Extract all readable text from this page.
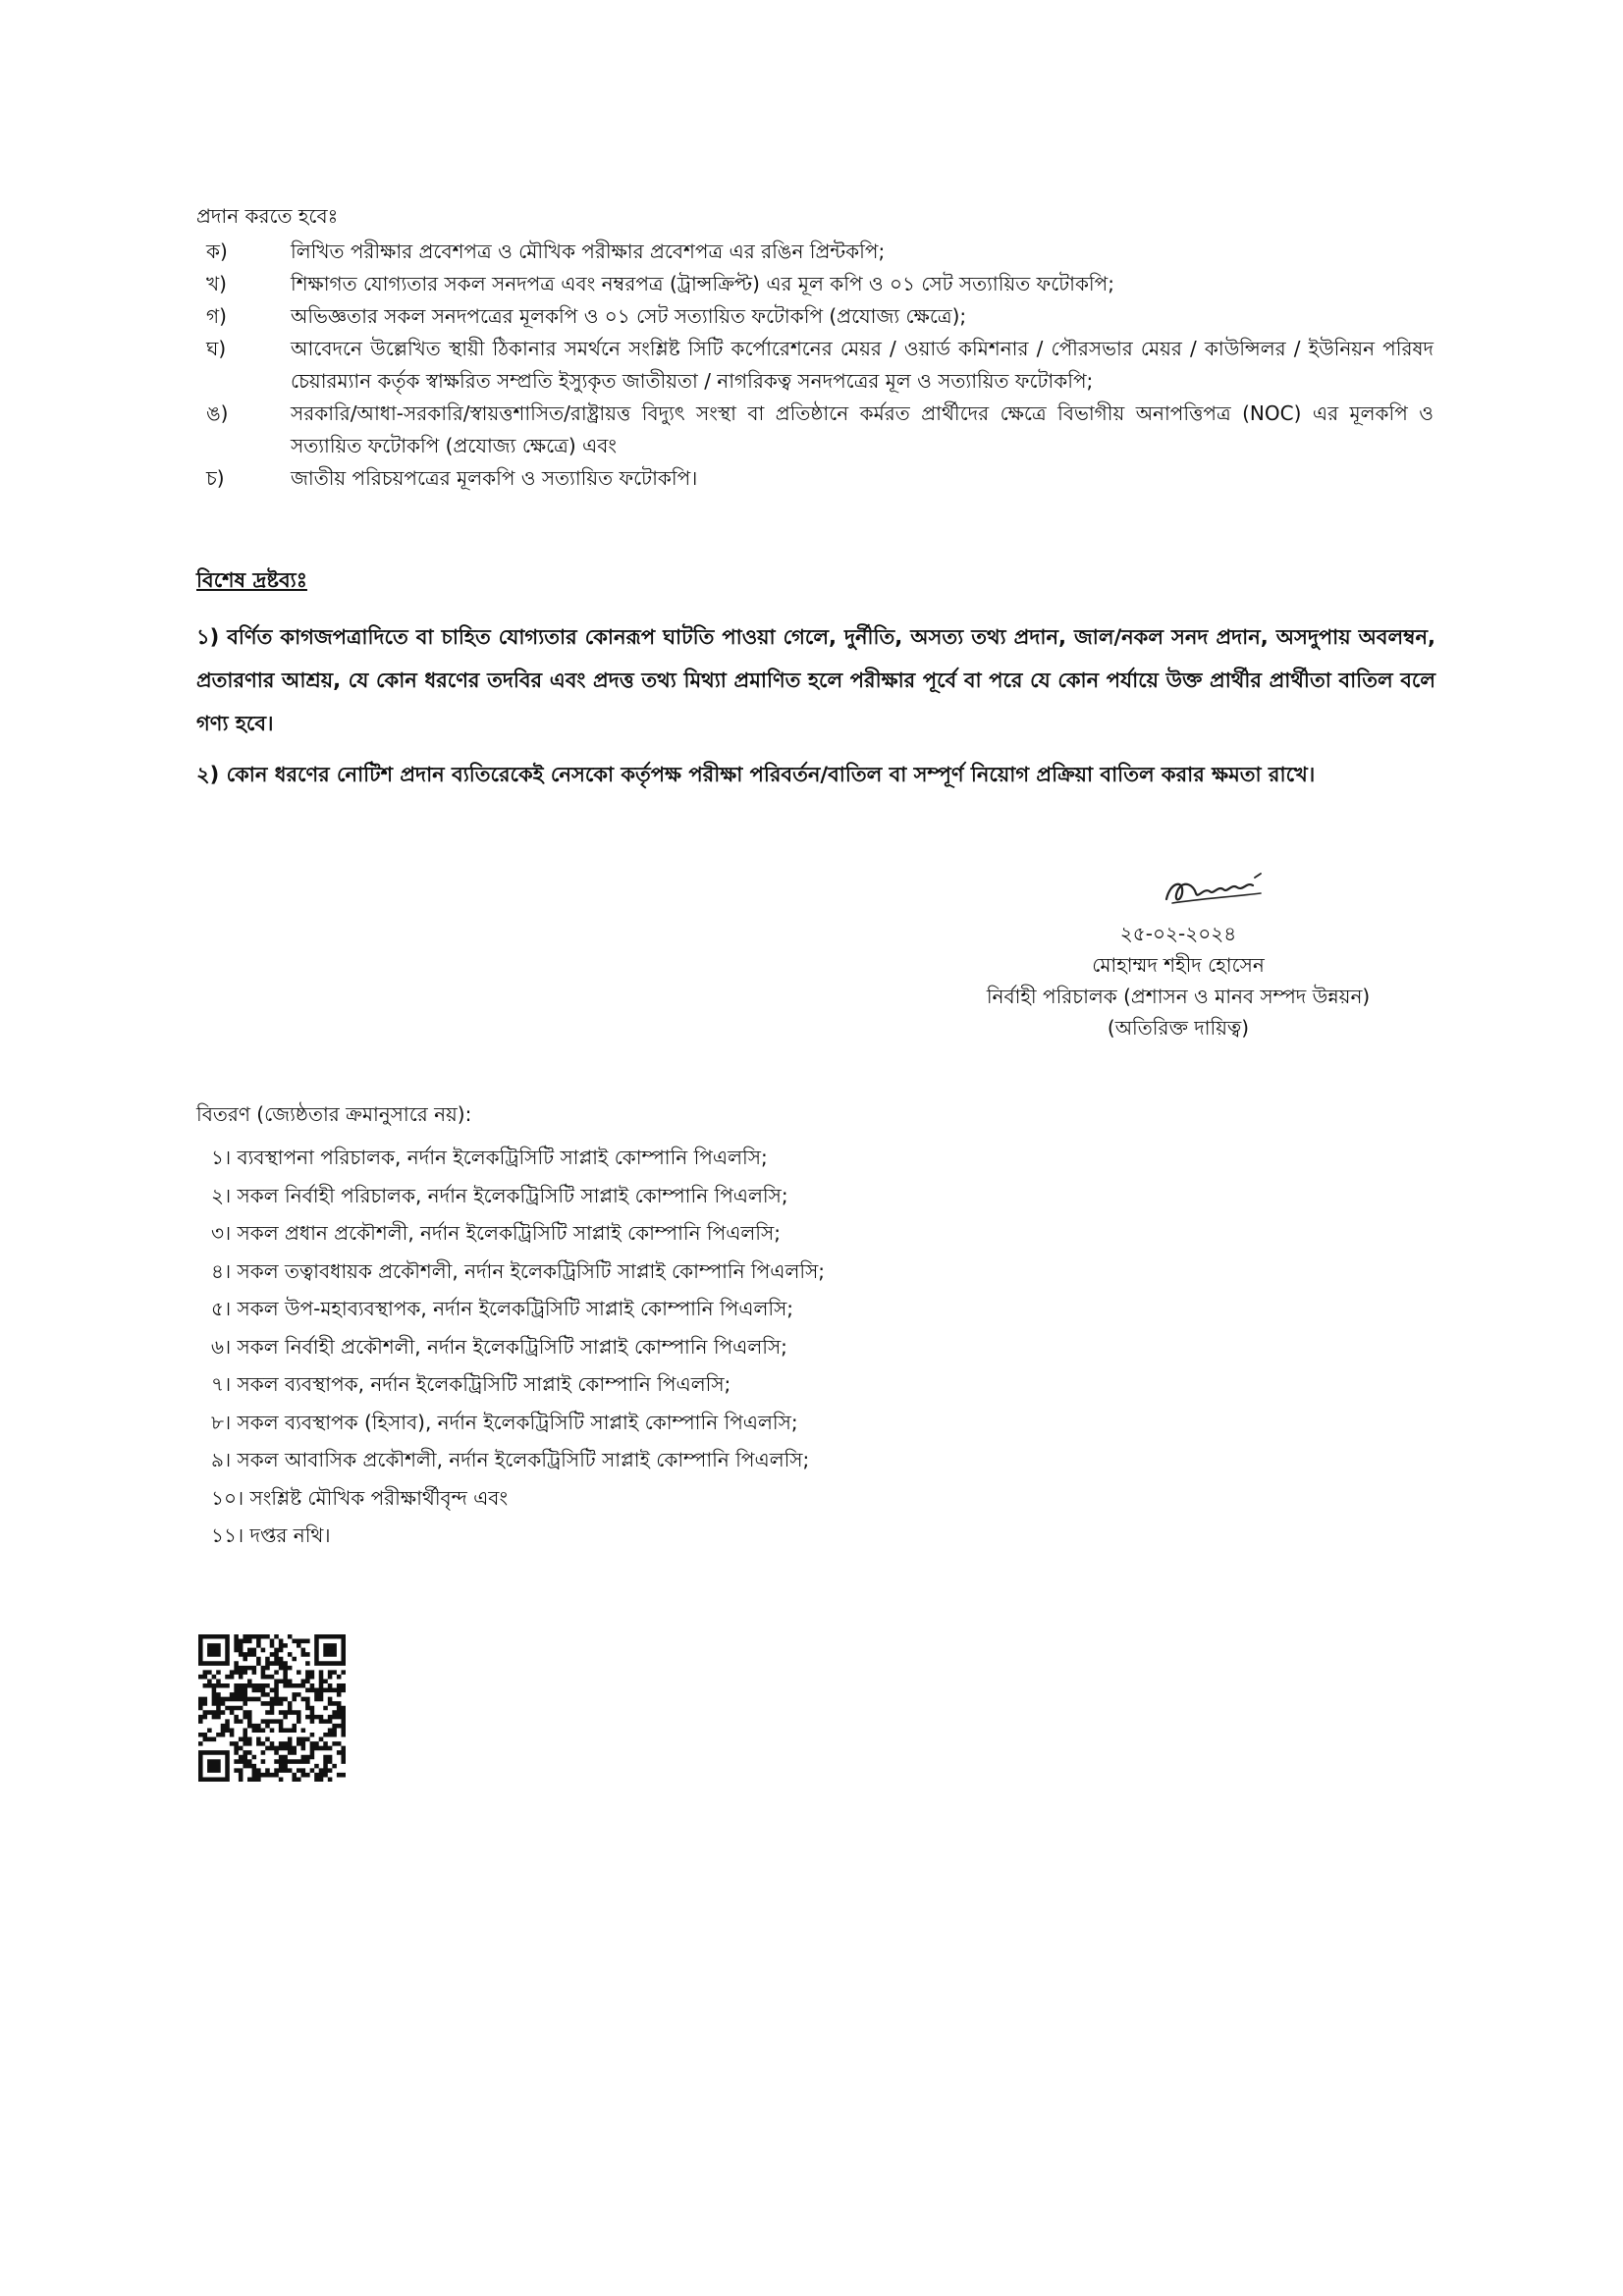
প্রদান করতে হবেঃ
ক)	লিখিত পরীক্ষার প্রবেশপত্র ও মৌখিক পরীক্ষার প্রবেশপত্র এর রঙিন প্রিন্টকপি;
খ)	শিক্ষাগত যোগ্যতার সকল সনদপত্র এবং নম্বরপত্র (ট্রান্সক্রিপ্ট) এর মূল কপি ও ০১ সেট সত্যায়িত ফটোকপি;
গ)	অভিজ্ঞতার সকল সনদপত্রের মূলকপি ও ০১ সেট সত্যায়িত ফটোকপি (প্রযোজ্য ক্ষেত্রে);
ঘ)	আবেদনে উল্লেখিত স্থায়ী ঠিকানার সমর্থনে সংশ্লিষ্ট সিটি কর্পোরেশনের মেয়র / ওয়ার্ড কমিশনার / পৌরসভার মেয়র / কাউন্সিলর / ইউনিয়ন পরিষদ চেয়ারম্যান কর্তৃক স্বাক্ষরিত সম্প্রতি ইস্যুকৃত জাতীয়তা / নাগরিকত্ব সনদপত্রের মূল ও সত্যায়িত ফটোকপি;
ঙ)	সরকারি/আধা-সরকারি/স্বায়ত্তশাসিত/রাষ্ট্রায়ত্ত বিদ্যুৎ সংস্থা বা প্রতিষ্ঠানে কর্মরত প্রার্থীদের ক্ষেত্রে বিভাগীয় অনাপত্তিপত্র (NOC) এর মূলকপি ও সত্যায়িত ফটোকপি (প্রযোজ্য ক্ষেত্রে) এবং
চ)	জাতীয় পরিচয়পত্রের মূলকপি ও সত্যায়িত ফটোকপি।
বিশেষ দ্রষ্টব্যঃ
১) বর্ণিত কাগজপত্রাদিতে বা চাহিত যোগ্যতার কোনরূপ ঘাটতি পাওয়া গেলে, দুর্নীতি, অসত্য তথ্য প্রদান, জাল/নকল সনদ প্রদান, অসদুপায় অবলম্বন, প্রতারণার আশ্রয়, যে কোন ধরণের তদবির এবং প্রদত্ত তথ্য মিথ্যা প্রমাণিত হলে পরীক্ষার পূর্বে বা পরে যে কোন পর্যায়ে উক্ত প্রার্থীর প্রার্থীতা বাতিল বলে গণ্য হবে।
২) কোন ধরণের নোটিশ প্রদান ব্যতিরেকেই নেসকো কর্তৃপক্ষ পরীক্ষা পরিবর্তন/বাতিল বা সম্পূর্ণ নিয়োগ প্রক্রিয়া বাতিল করার ক্ষমতা রাখে।
২৫-০২-২০২৪
মোহাম্মদ শহীদ হোসেন
নির্বাহী পরিচালক (প্রশাসন ও মানব সম্পদ উন্নয়ন)
(অতিরিক্ত দায়িত্ব)
বিতরণ (জ্যেষ্ঠতার ক্রমানুসারে নয়):
১। ব্যবস্থাপনা পরিচালক, নর্দান ইলেকট্রিসিটি সাপ্লাই কোম্পানি পিএলসি;
২। সকল নির্বাহী পরিচালক, নর্দান ইলেকট্রিসিটি সাপ্লাই কোম্পানি পিএলসি;
৩। সকল প্রধান প্রকৌশলী, নর্দান ইলেকট্রিসিটি সাপ্লাই কোম্পানি পিএলসি;
৪। সকল তত্বাবধায়ক প্রকৌশলী, নর্দান ইলেকট্রিসিটি সাপ্লাই কোম্পানি পিএলসি;
৫। সকল উপ-মহাব্যবস্থাপক, নর্দান ইলেকট্রিসিটি সাপ্লাই কোম্পানি পিএলসি;
৬। সকল নির্বাহী প্রকৌশলী, নর্দান ইলেকট্রিসিটি সাপ্লাই কোম্পানি পিএলসি;
৭। সকল ব্যবস্থাপক, নর্দান ইলেকট্রিসিটি সাপ্লাই কোম্পানি পিএলসি;
৮। সকল ব্যবস্থাপক (হিসাব), নর্দান ইলেকট্রিসিটি সাপ্লাই কোম্পানি পিএলসি;
৯। সকল আবাসিক প্রকৌশলী, নর্দান ইলেকট্রিসিটি সাপ্লাই কোম্পানি পিএলসি;
১০। সংশ্লিষ্ট মৌখিক পরীক্ষার্থীবৃন্দ এবং
১১। দপ্তর নথি।
